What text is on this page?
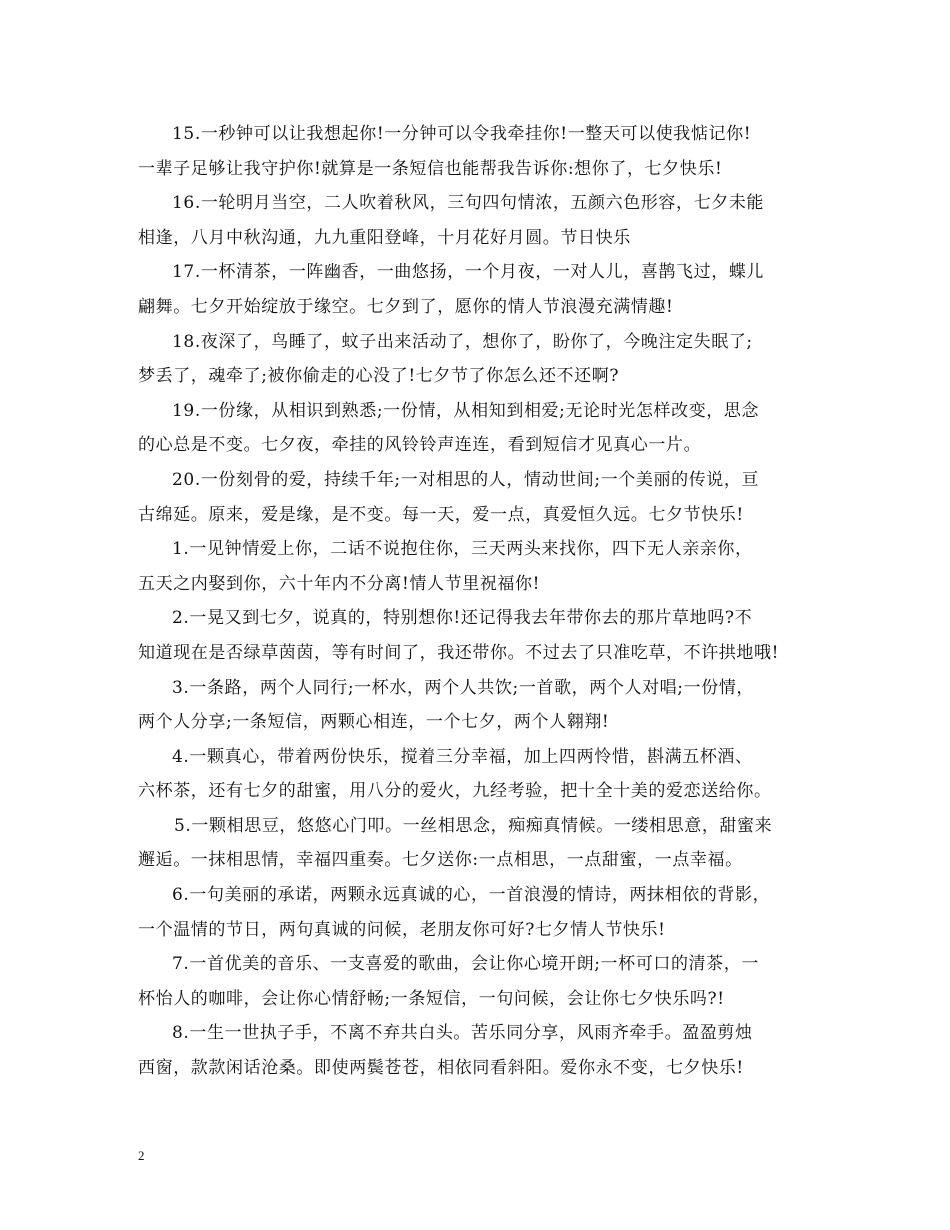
15.一秒钟可以让我想起你!一分钟可以令我牵挂你!一整天可以使我惦记你!
一辈子足够让我守护你!就算是一条短信也能帮我告诉你:想你了，七夕快乐!

16.一轮明月当空，二人吹着秋风，三句四句情浓，五颜六色形容，七夕未能
相逢，八月中秋沟通，九九重阳登峰，十月花好月圆。节日快乐

17.一杯清茶，一阵幽香，一曲悠扬，一个月夜，一对人儿，喜鹊飞过，蝶儿
翩舞。七夕开始绽放于缘空。七夕到了，愿你的情人节浪漫充满情趣!

18.夜深了，鸟睡了，蚊子出来活动了，想你了，盼你了，今晚注定失眠了;
梦丢了，魂牵了;被你偷走的心没了!七夕节了你怎么还不还啊?

19.一份缘，从相识到熟悉;一份情，从相知到相爱;无论时光怎样改变，思念
的心总是不变。七夕夜，牵挂的风铃铃声连连，看到短信才见真心一片。

20.一份刻骨的爱，持续千年;一对相思的人，情动世间;一个美丽的传说，亘
古绵延。原来，爱是缘，是不变。每一天，爱一点，真爱恒久远。七夕节快乐!

1.一见钟情爱上你，二话不说抱住你，三天两头来找你，四下无人亲亲你，
五天之内娶到你，六十年内不分离!情人节里祝福你!

2.一晃又到七夕，说真的，特别想你!还记得我去年带你去的那片草地吗?不
知道现在是否绿草茵茵，等有时间了，我还带你。不过去了只准吃草，不许拱地哦!

3.一条路，两个人同行;一杯水，两个人共饮;一首歌，两个人对唱;一份情，
两个人分享;一条短信，两颗心相连，一个七夕，两个人翱翔!

4.一颗真心，带着两份快乐，搅着三分幸福，加上四两怜惜，斟满五杯酒、
六杯茶，还有七夕的甜蜜，用八分的爱火，九经考验，把十全十美的爱恋送给你。

5.一颗相思豆，悠悠心门叩。一丝相思念，痴痴真情候。一缕相思意，甜蜜来
邂逅。一抹相思情，幸福四重奏。七夕送你:一点相思，一点甜蜜，一点幸福。

6.一句美丽的承诺，两颗永远真诚的心，一首浪漫的情诗，两抹相依的背影，
一个温情的节日，两句真诚的问候，老朋友你可好?七夕情人节快乐!

7.一首优美的音乐、一支喜爱的歌曲，会让你心境开朗;一杯可口的清茶，一
杯怡人的咖啡，会让你心情舒畅;一条短信，一句问候，会让你七夕快乐吗?!

8.一生一世执子手，不离不弃共白头。苦乐同分享，风雨齐牵手。盈盈剪烛
西窗，款款闲话沧桑。即使两鬓苍苍，相依同看斜阳。爱你永不变，七夕快乐!

2
